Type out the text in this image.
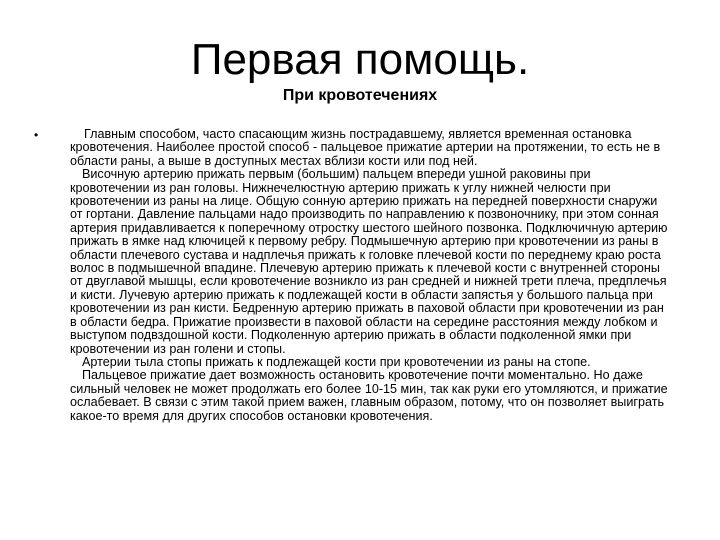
Первая помощь.
При кровотечениях
•	Главным способом, часто спасающим жизнь пострадавшему, является временная остановка кровотечения. Наиболее простой способ - пальцевое прижатие артерии на протяжении, то есть не в области раны, а выше в доступных местах вблизи кости или под ней.

Височную артерию прижать первым (большим) пальцем впереди ушной раковины при кровотечении из ран головы. Нижнечелюстную артерию прижать к углу нижней челюсти при кровотечении из раны на лице. Общую сонную артерию прижать на передней поверхности снаружи от гортани. Давление пальцами надо производить по направлению к позвоночнику, при этом сонная артерия придавливается к поперечному отростку шестого шейного позвонка. Подключичную артерию прижать в ямке над ключицей к первому ребру. Подмышечную артерию при кровотечении из раны в области плечевого сустава и надплечья прижать к головке плечевой кости по переднему краю роста волос в подмышечной впадине. Плечевую артерию прижать к плечевой кости с внутренней стороны от двуглавой мышцы, если кровотечение возникло из ран средней и нижней трети плеча, предплечья и кисти. Лучевую артерию прижать к подлежащей кости в области запястья у большого пальца при кровотечении из ран кисти. Бедренную артерию прижать в паховой области при кровотечении из ран в области бедра. Прижатие произвести в паховой области на середине расстояния между лобком и выступом подвздошной кости. Подколенную артерию прижать в области подколенной ямки при кровотечении из ран голени и стопы.

Артерии тыла стопы прижать к подлежащей кости при кровотечении из раны на стопе.

Пальцевое прижатие дает возможность остановить кровотечение почти моментально. Но даже сильный человек не может продолжать его более 10-15 мин, так как руки его утомляются, и прижатие ослабевает. В связи с этим такой прием важен, главным образом, потому, что он позволяет выиграть какое-то время для других способов остановки кровотечения.
